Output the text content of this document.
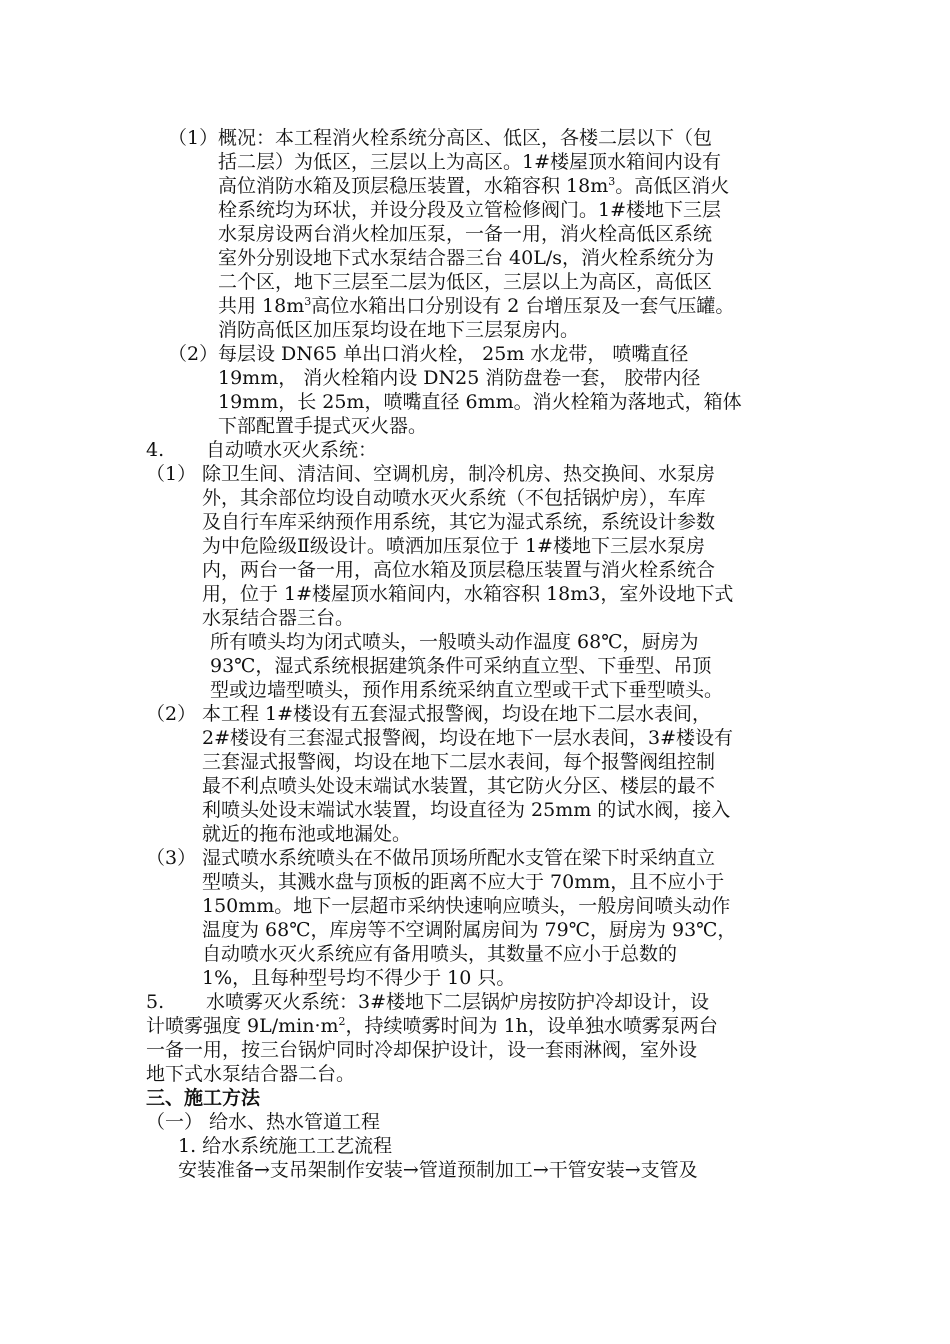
（1） 概况：本工程消火栓系统分高区、低区，各楼二层以下（包
括二层）为低区，三层以上为高区。1#楼屋顶水箱间内设有
高位消防水箱及顶层稳压装置，水箱容积 $18m^3$。高低区消火
栓系统均为环状，并设分段及立管检修阀门。1#楼地下三层
水泵房设两台消火栓加压泵，一备一用，消火栓高低区系统
室外分别设地下式水泵结合器三台 40L/s，消火栓系统分为
二个区，地下三层至二层为低区，三层以上为高区，高低区
共用 $18m^3$高位水箱出口分别设有 2 台增压泵及一套气压罐。
消防高低区加压泵均设在地下三层泵房内。
（2） 每层设 DN65 单出口消火栓， 25m 水龙带， 喷嘴直径
19mm， 消火栓箱内设 DN25 消防盘卷一套， 胶带内径
19mm，长 25m，喷嘴直径 6mm。消火栓箱为落地式，箱体
下部配置手提式灭火器。
4. 自动喷水灭火系统：
（1） 除卫生间、清洁间、空调机房，制冷机房、热交换间、水泵房
外，其余部位均设自动喷水灭火系统（不包括锅炉房），车库
及自行车库采纳预作用系统，其它为湿式系统，系统设计参数
为中危险级Ⅱ级设计。喷洒加压泵位于 1#楼地下三层水泵房
内，两台一备一用，高位水箱及顶层稳压装置与消火栓系统合
用，位于 1#楼屋顶水箱间内，水箱容积 18m3，室外设地下式
水泵结合器三台。
所有喷头均为闭式喷头，一般喷头动作温度 68℃，厨房为
93℃，湿式系统根据建筑条件可采纳直立型、下垂型、吊顶
型或边墙型喷头，预作用系统采纳直立型或干式下垂型喷头。
（2） 本工程 1#楼设有五套湿式报警阀，均设在地下二层水表间，
2#楼设有三套湿式报警阀，均设在地下一层水表间，3#楼设有
三套湿式报警阀，均设在地下二层水表间，每个报警阀组控制
最不利点喷头处设末端试水装置，其它防火分区、楼层的最不
利喷头处设末端试水装置，均设直径为 25mm 的试水阀，接入
就近的拖布池或地漏处。
（3） 湿式喷水系统喷头在不做吊顶场所配水支管在梁下时采纳直立
型喷头，其溅水盘与顶板的距离不应大于 70mm，且不应小于
150mm。地下一层超市采纳快速响应喷头，一般房间喷头动作
温度为 68℃，库房等不空调附属房间为 79℃，厨房为 93℃，
自动喷水灭火系统应有备用喷头，其数量不应小于总数的
1%，且每种型号均不得少于 10 只。
5. 水喷雾灭火系统：3#楼地下二层锅炉房按防护冷却设计，设
计喷雾强度 $9L/\min\cdot m^2$，持续喷雾时间为 1h，设单独水喷雾泵两台
一备一用，按三台锅炉同时冷却保护设计，设一套雨淋阀，室外设
地下式水泵结合器二台。
三、施工方法
（一） 给水、热水管道工程
1. 给水系统施工工艺流程
安装准备→支吊架制作安装→管道预制加工→干管安装→支管及
